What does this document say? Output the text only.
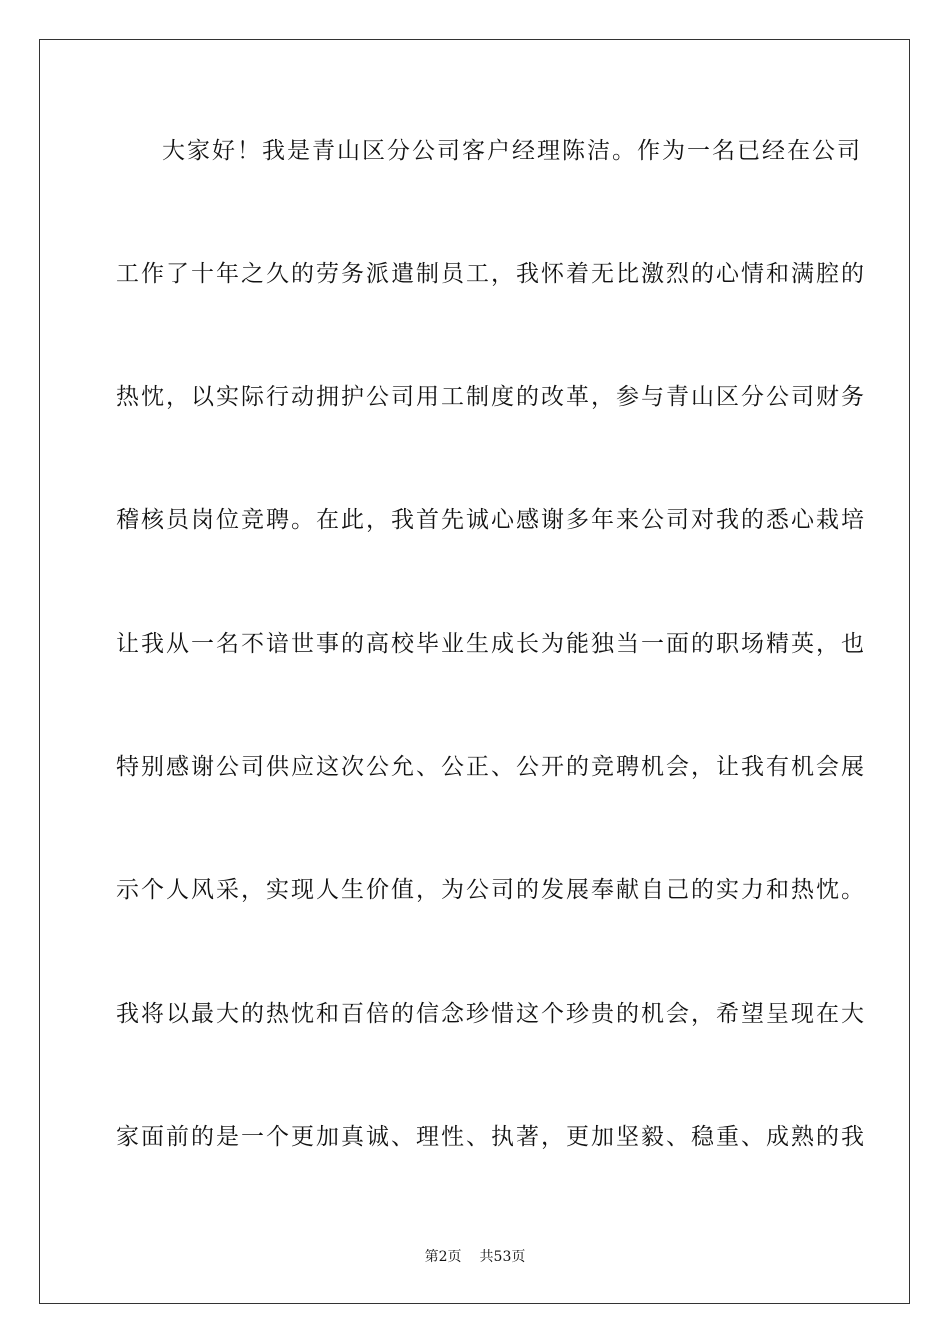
大家好！我是青山区分公司客户经理陈洁。作为一名已经在公司
工作了十年之久的劳务派遣制员工，我怀着无比激烈的心情和满腔的
热忱，以实际行动拥护公司用工制度的改革，参与青山区分公司财务
稽核员岗位竞聘。在此，我首先诚心感谢多年来公司对我的悉心栽培
让我从一名不谙世事的高校毕业生成长为能独当一面的职场精英，也
特别感谢公司供应这次公允、公正、公开的竞聘机会，让我有机会展
示个人风采，实现人生价值，为公司的发展奉献自己的实力和热忱。
我将以最大的热忱和百倍的信念珍惜这个珍贵的机会，希望呈现在大
家面前的是一个更加真诚、理性、执著，更加坚毅、稳重、成熟的我
第2页 共53页
